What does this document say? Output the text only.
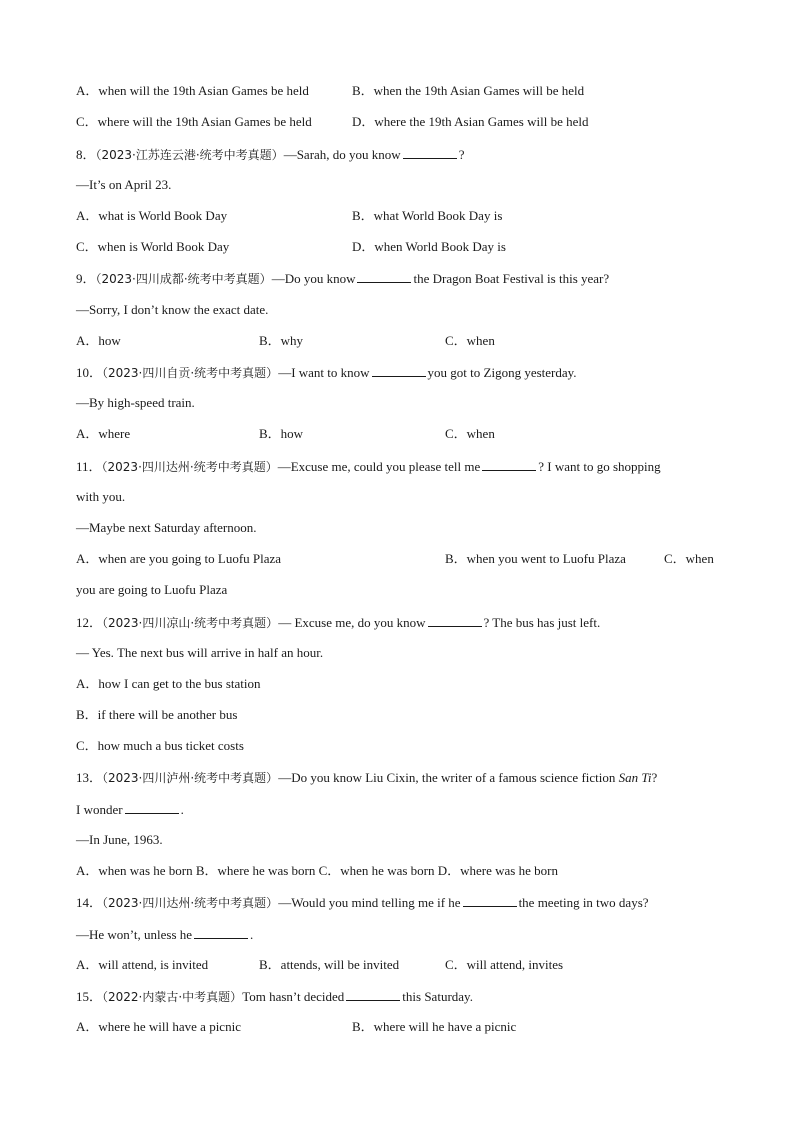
A．when will the 19th Asian Games be held	B．when the 19th Asian Games will be held
C．where will the 19th Asian Games be held	D．where the 19th Asian Games will be held
8．（2023·江苏连云港·统考中考真题）—Sarah, do you know	?
—It’s on April 23.
A．what is World Book Day	B．what World Book Day is
C．when is World Book Day	D．when World Book Day is
9．（2023·四川成都·统考中考真题）—Do you know	the Dragon Boat Festival is this year?
—Sorry, I don’t know the exact date.
A．how	B．why	C．when
10．（2023·四川自贡·统考中考真题）—I want to know	you got to Zigong yesterday.
—By high-speed train.
A．where	B．how	C．when
11．（2023·四川达州·统考中考真题）—Excuse me, could you please tell me	? I want to go shopping
with you.
—Maybe next Saturday afternoon.
A．when are you going to Luofu Plaza	B．when you went to Luofu Plaza	C．when
you are going to Luofu Plaza
12．（2023·四川凉山·统考中考真题）— Excuse me, do you know	? The bus has just left.
— Yes. The next bus will arrive in half an hour.
A．how I can get to the bus station
B．if there will be another bus
C．how much a bus ticket costs
13．（2023·四川泸州·统考中考真题）—Do you know Liu Cixin, the writer of a famous science fiction San Ti?
I wonder	.
—In June, 1963.
A．when was he born B．where he was born C．when he was born D．where was he born
14．（2023·四川达州·统考中考真题）—Would you mind telling me if he	the meeting in two days?
—He won’t, unless he	.
A．will attend, is invited	B．attends, will be invited	C．will attend, invites
15．（2022·内蒙古·中考真题）Tom hasn’t decided	this Saturday.
A．where he will have a picnic	B．where will he have a picnic
